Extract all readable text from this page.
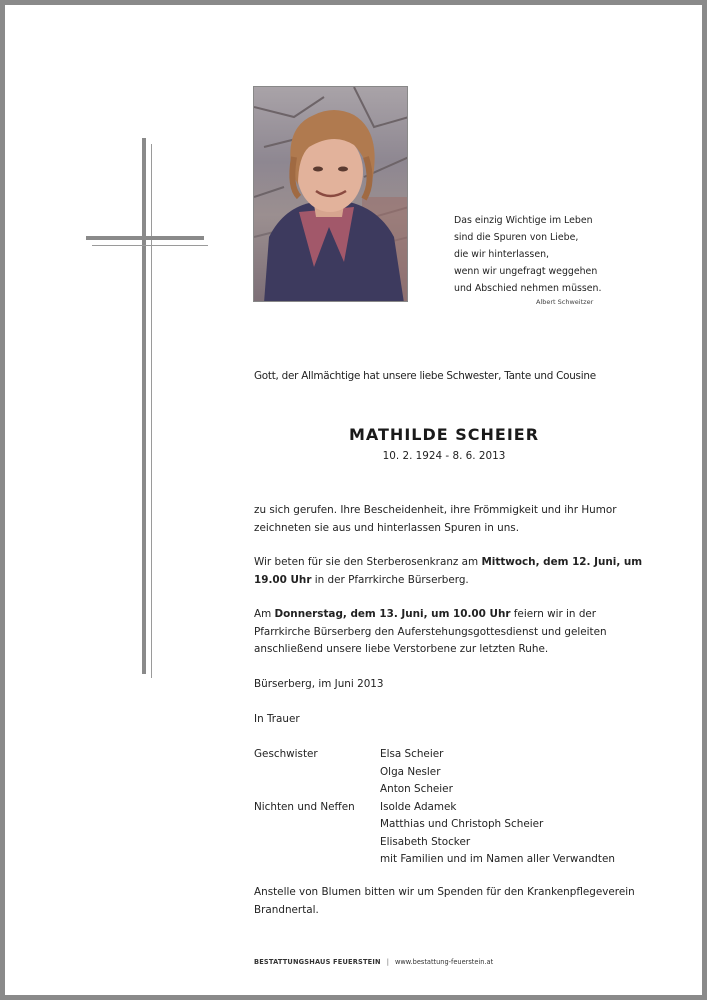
Das einzig Wichtige im Leben
sind die Spuren von Liebe,
die wir hinterlassen,
wenn wir ungefragt weggehen
und Abschied nehmen müssen.
Albert Schweitzer
Gott, der Allmächtige hat unsere liebe Schwester, Tante und Cousine
MATHILDE SCHEIER
10. 2. 1924 - 8. 6. 2013
zu sich gerufen. Ihre Bescheidenheit, ihre Frömmigkeit und ihr Humor zeichneten sie aus und hinterlassen Spuren in uns.
Wir beten für sie den Sterberosenkranz am Mittwoch, dem 12. Juni, um 19.00 Uhr in der Pfarrkirche Bürserberg.
Am Donnerstag, dem 13. Juni, um 10.00 Uhr feiern wir in der Pfarrkirche Bürserberg den Auferstehungsgottesdienst und geleiten anschließend unsere liebe Verstorbene zur letzten Ruhe.
Bürserberg, im Juni 2013
In Trauer
Geschwister	Elsa Scheier
Olga Nesler
Anton Scheier
Nichten und Neffen Isolde Adamek
Matthias und Christoph Scheier
Elisabeth Stocker
mit Familien und im Namen aller Verwandten
Anstelle von Blumen bitten wir um Spenden für den Krankenpflegeverein Brandnertal.
BESTATTUNGSHAUS FEUERSTEIN | www.bestattung-feuerstein.at
